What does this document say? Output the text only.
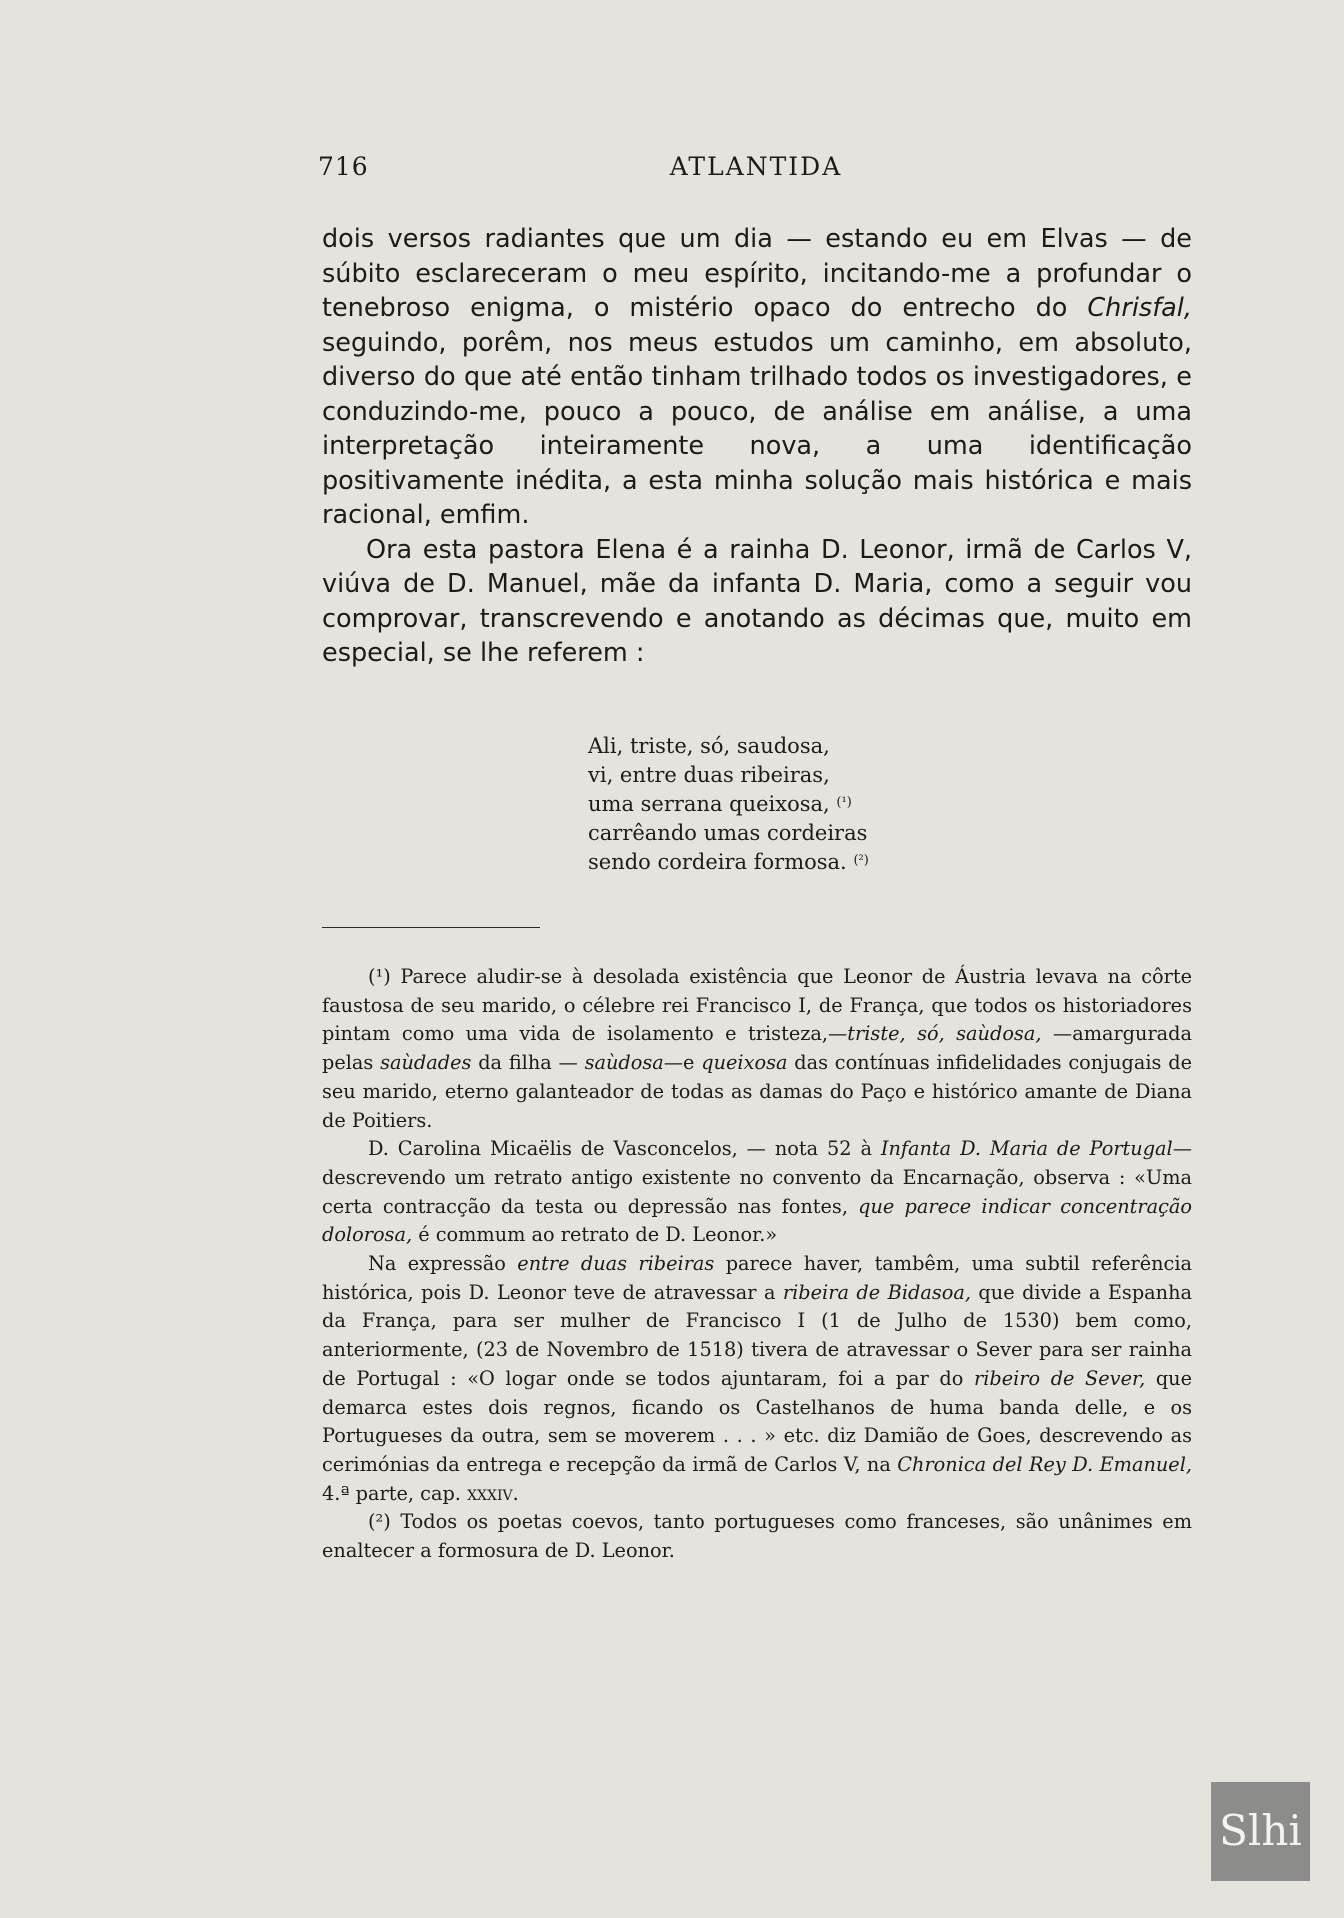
716	ATLANTIDA

dois versos radiantes que um dia — estando eu em Elvas — de súbito esclareceram o meu espírito, incitando-me a profundar o tenebroso enigma, o mistério opaco do entrecho do Chrisfal, seguindo, porêm, nos meus estudos um caminho, em absoluto, diverso do que até então tinham trilhado todos os investigadores, e conduzindo-me, pouco a pouco, de análise em análise, a uma interpretação inteiramente nova, a uma identificação positivamente inédita, a esta minha solução mais histórica e mais racional, emfim.

Ora esta pastora Elena é a rainha D. Leonor, irmã de Carlos V, viúva de D. Manuel, mãe da infanta D. Maria, como a seguir vou comprovar, transcrevendo e anotando as décimas que, muito em especial, se lhe referem :

Ali, triste, só, saudosa,
vi, entre duas ribeiras,
uma serrana queixosa, $^{(^1)}$
carrêando umas cordeiras
sendo cordeira formosa. $^{(^2)}$

(¹) Parece aludir-se à desolada existência que Leonor de Áustria levava na côrte faustosa de seu marido, o célebre rei Francisco I, de França, que todos os historiadores pintam como uma vida de isolamento e tristeza,—triste, só, saùdosa, —amargurada pelas saùdades da filha — saùdosa—e queixosa das contínuas infidelidades conjugais de seu marido, eterno galanteador de todas as damas do Paço e histórico amante de Diana de Poitiers.

D. Carolina Micaëlis de Vasconcelos, — nota 52 à Infanta D. Maria de Portugal— descrevendo um retrato antigo existente no convento da Encarnação, observa : «Uma certa contracção da testa ou depressão nas fontes, que parece indicar concentração dolorosa, é commum ao retrato de D. Leonor.»

Na expressão entre duas ribeiras parece haver, tambêm, uma subtil referência histórica, pois D. Leonor teve de atravessar a ribeira de Bidasoa, que divide a Espanha da França, para ser mulher de Francisco I (1 de Julho de 1530) bem como, anteriormente, (23 de Novembro de 1518) tivera de atravessar o Sever para ser rainha de Portugal : «O logar onde se todos ajuntaram, foi a par do ribeiro de Sever, que demarca estes dois regnos, ficando os Castelhanos de huma banda delle, e os Portugueses da outra, sem se moverem . . . » etc. diz Damião de Goes, descrevendo as cerimónias da entrega e recepção da irmã de Carlos V, na Chronica del Rey D. Emanuel, 4.ª parte, cap. xxxiv.

(²) Todos os poetas coevos, tanto portugueses como franceses, são unânimes em enaltecer a formosura de D. Leonor.

Slhi
